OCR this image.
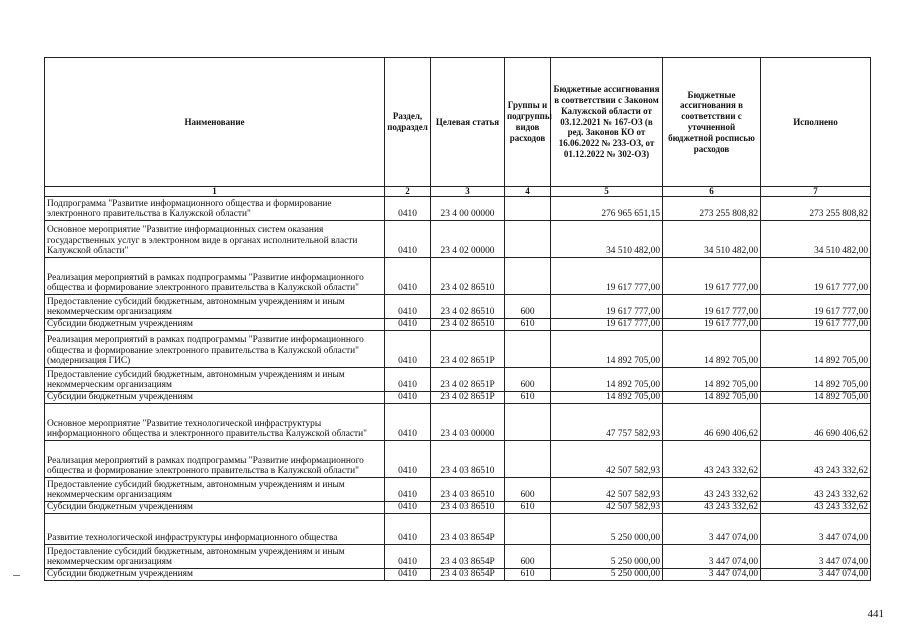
Наименование	Раздел, подраздел	Целевая статья	Группы и подгруппы видов расходов	Бюджетные ассигнования в соответствии с Законом Калужской области от 03.12.2021 № 167-ОЗ (в ред. Законов КО от 16.06.2022 № 233-ОЗ, от 01.12.2022 № 302-ОЗ)	Бюджетные ассигнования в соответствии с уточненной бюджетной росписью расходов	Исполнено
1	2	3	4	5	6	7
Подпрограмма "Развитие информационного общества и формирование электронного правительства в Калужской области"	0410	23 4 00 00000		276 965 651,15	273 255 808,82	273 255 808,82
Основное мероприятие "Развитие информационных систем оказания государственных услуг в электронном виде в органах исполнительной власти Калужской области"	0410	23 4 02 00000		34 510 482,00	34 510 482,00	34 510 482,00
Реализация мероприятий в рамках подпрограммы "Развитие информационного общества и формирование электронного правительства в Калужской области"	0410	23 4 02 86510		19 617 777,00	19 617 777,00	19 617 777,00
Предоставление субсидий бюджетным, автономным учреждениям и иным некоммерческим организациям	0410	23 4 02 86510	600	19 617 777,00	19 617 777,00	19 617 777,00
Субсидии бюджетным учреждениям	0410	23 4 02 86510	610	19 617 777,00	19 617 777,00	19 617 777,00
Реализация мероприятий в рамках подпрограммы "Развитие информационного общества и формирование электронного правительства в Калужской области" (модернизация ГИС)	0410	23 4 02 8651Р		14 892 705,00	14 892 705,00	14 892 705,00
Предоставление субсидий бюджетным, автономным учреждениям и иным некоммерческим организациям	0410	23 4 02 8651Р	600	14 892 705,00	14 892 705,00	14 892 705,00
Субсидии бюджетным учреждениям	0410	23 4 02 8651Р	610	14 892 705,00	14 892 705,00	14 892 705,00
Основное мероприятие "Развитие технологической инфраструктуры информационного общества и электронного правительства Калужской области"	0410	23 4 03 00000		47 757 582,93	46 690 406,62	46 690 406,62
Реализация мероприятий в рамках подпрограммы "Развитие информационного общества и формирование электронного правительства в Калужской области"	0410	23 4 03 86510		42 507 582,93	43 243 332,62	43 243 332,62
Предоставление субсидий бюджетным, автономным учреждениям и иным некоммерческим организациям	0410	23 4 03 86510	600	42 507 582,93	43 243 332,62	43 243 332,62
Субсидии бюджетным учреждениям	0410	23 4 03 86510	610	42 507 582,93	43 243 332,62	43 243 332,62
Развитие технологической инфраструктуры информационного общества	0410	23 4 03 8654Р		5 250 000,00	3 447 074,00	3 447 074,00
Предоставление субсидий бюджетным, автономным учреждениям и иным некоммерческим организациям	0410	23 4 03 8654Р	600	5 250 000,00	3 447 074,00	3 447 074,00
Субсидии бюджетным учреждениям	0410	23 4 03 8654Р	610	5 250 000,00	3 447 074,00	3 447 074,00
441
